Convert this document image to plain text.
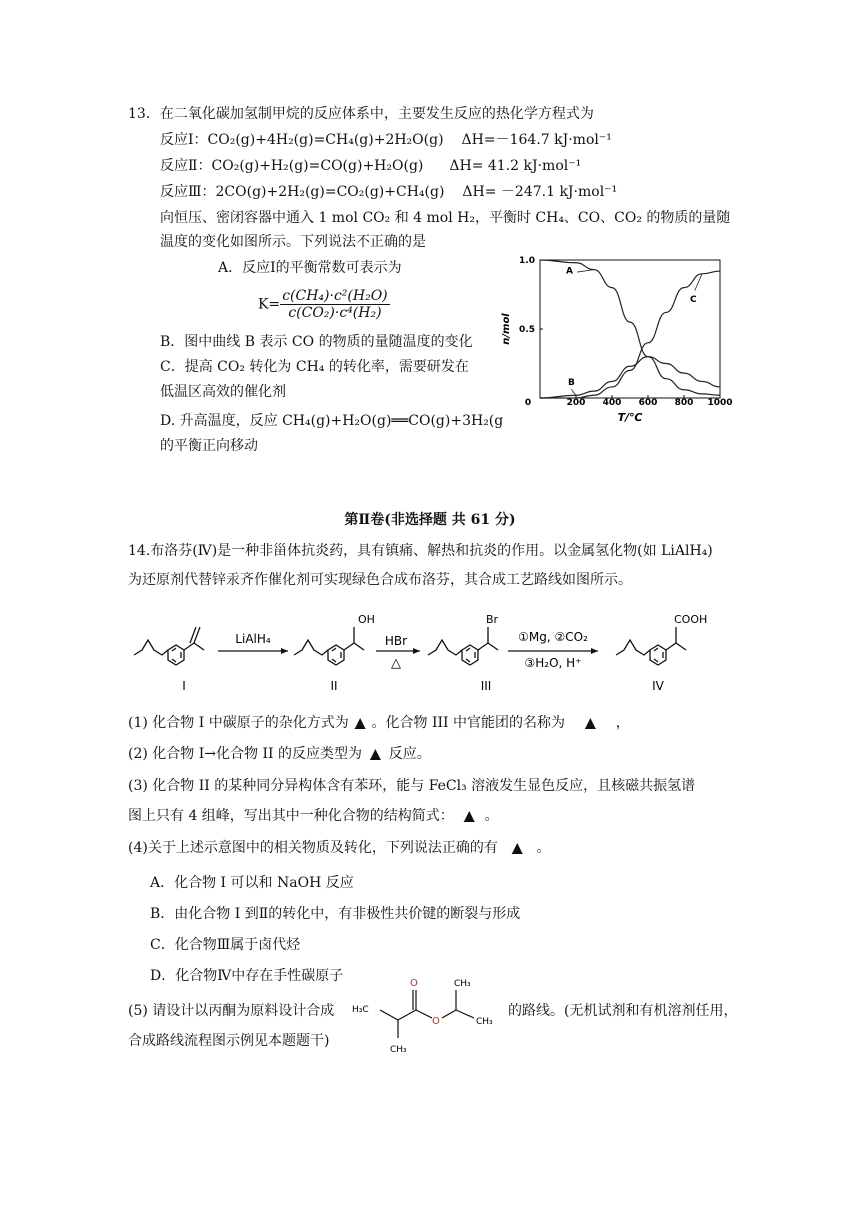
13．在二氧化碳加氢制甲烷的反应体系中，主要发生反应的热化学方程式为
反应Ⅰ：CO₂(g)+4H₂(g)=CH₄(g)+2H₂O(g) ΔH=－164.7 kJ·mol⁻¹
反应Ⅱ：CO₂(g)+H₂(g)=CO(g)+H₂O(g) ΔH= 41.2 kJ·mol⁻¹
反应Ⅲ：2CO(g)+2H₂(g)=CO₂(g)+CH₄(g) ΔH= －247.1 kJ·mol⁻¹
向恒压、密闭容器中通入 1 mol CO₂ 和 4 mol H₂，平衡时 CH₄、CO、CO₂ 的物质的量随
温度的变化如图所示。下列说法不正确的是
A．反应Ⅰ的平衡常数可表示为
$K= \frac{\text{c(CH₄)·c²(H₂O)}}{\text{c(CO₂)·c⁴(H₂)}}$
B．图中曲线 B 表示 CO 的物质的量随温度的变化
C．提高 CO₂ 转化为 CH₄ 的转化率，需要研发在
低温区高效的催化剂
D. 升高温度，反应 CH₄(g)+H₂O(g)══CO(g)+3H₂(g
的平衡正向移动
0	200 400 600 800 1000
0.5
1.0
A
B
C
n/mol
T/℃
第Ⅱ卷(非选择题 共 61 分)
14.布洛芬(Ⅳ)是一种非甾体抗炎药，具有镇痛、解热和抗炎的作用。以金属氢化物(如 LiAlH₄)
为还原剂代替锌汞齐作催化剂可实现绿色合成布洛芬，其合成工艺路线如图所示。
I
LiAlH₄
OH
II
HBr
△
Br
III
①Mg, ②CO₂
③H₂O, H⁺
COOH
IV
(1) 化合物 I 中碳原子的杂化方式为 ▲ 。化合物 III 中官能团的名称为 ▲ ，
(2) 化合物 I→化合物 II 的反应类型为 ▲ 反应。
(3) 化合物 II 的某种同分异构体含有苯环，能与 FeCl₃ 溶液发生显色反应，且核磁共振氢谱
图上只有 4 组峰，写出其中一种化合物的结构简式： ▲ 。
(4)关于上述示意图中的相关物质及转化，下列说法正确的有 ▲ 。
A．化合物 I 可以和 NaOH 反应
B．由化合物 I 到Ⅱ的转化中，有非极性共价键的断裂与形成
C．化合物Ⅲ属于卤代烃
D．化合物Ⅳ中存在手性碳原子
(5) 请设计以丙酮为原料设计合成
O
O
CH₃
H₃C
CH₃
CH₃
的路线。(无机试剂和有机溶剂任用，
合成路线流程图示例见本题题干)
